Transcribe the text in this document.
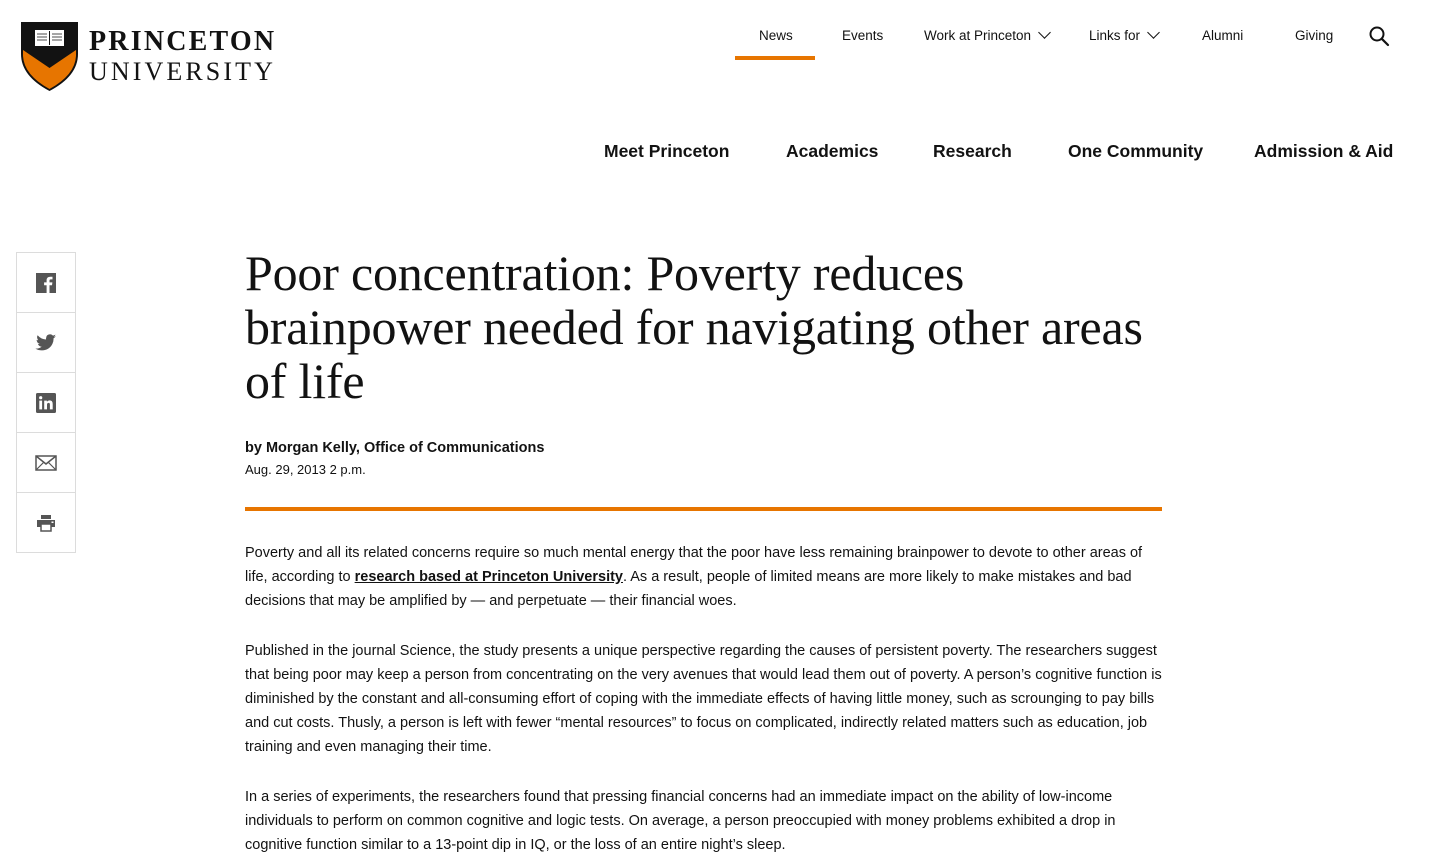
PRINCETON
UNIVERSITY
News	Events	Work at Princeton	Links for	Alumni	Giving
Meet Princeton	Academics	Research	One Community	Admission & Aid
Poor concentration: Poverty reduces brainpower needed for navigating other areas of life
by Morgan Kelly, Office of Communications
Aug. 29, 2013 2 p.m.

Poverty and all its related concerns require so much mental energy that the poor have less remaining brainpower to devote to other areas of life, according to research based at Princeton University. As a result, people of limited means are more likely to make mistakes and bad decisions that may be amplified by — and perpetuate — their financial woes.

Published in the journal Science, the study presents a unique perspective regarding the causes of persistent poverty. The researchers suggest that being poor may keep a person from concentrating on the very avenues that would lead them out of poverty. A person’s cognitive function is diminished by the constant and all-consuming effort of coping with the immediate effects of having little money, such as scrounging to pay bills and cut costs. Thusly, a person is left with fewer “mental resources” to focus on complicated, indirectly related matters such as education, job training and even managing their time.

In a series of experiments, the researchers found that pressing financial concerns had an immediate impact on the ability of low-income individuals to perform on common cognitive and logic tests. On average, a person preoccupied with money problems exhibited a drop in cognitive function similar to a 13-point dip in IQ, or the loss of an entire night’s sleep.
